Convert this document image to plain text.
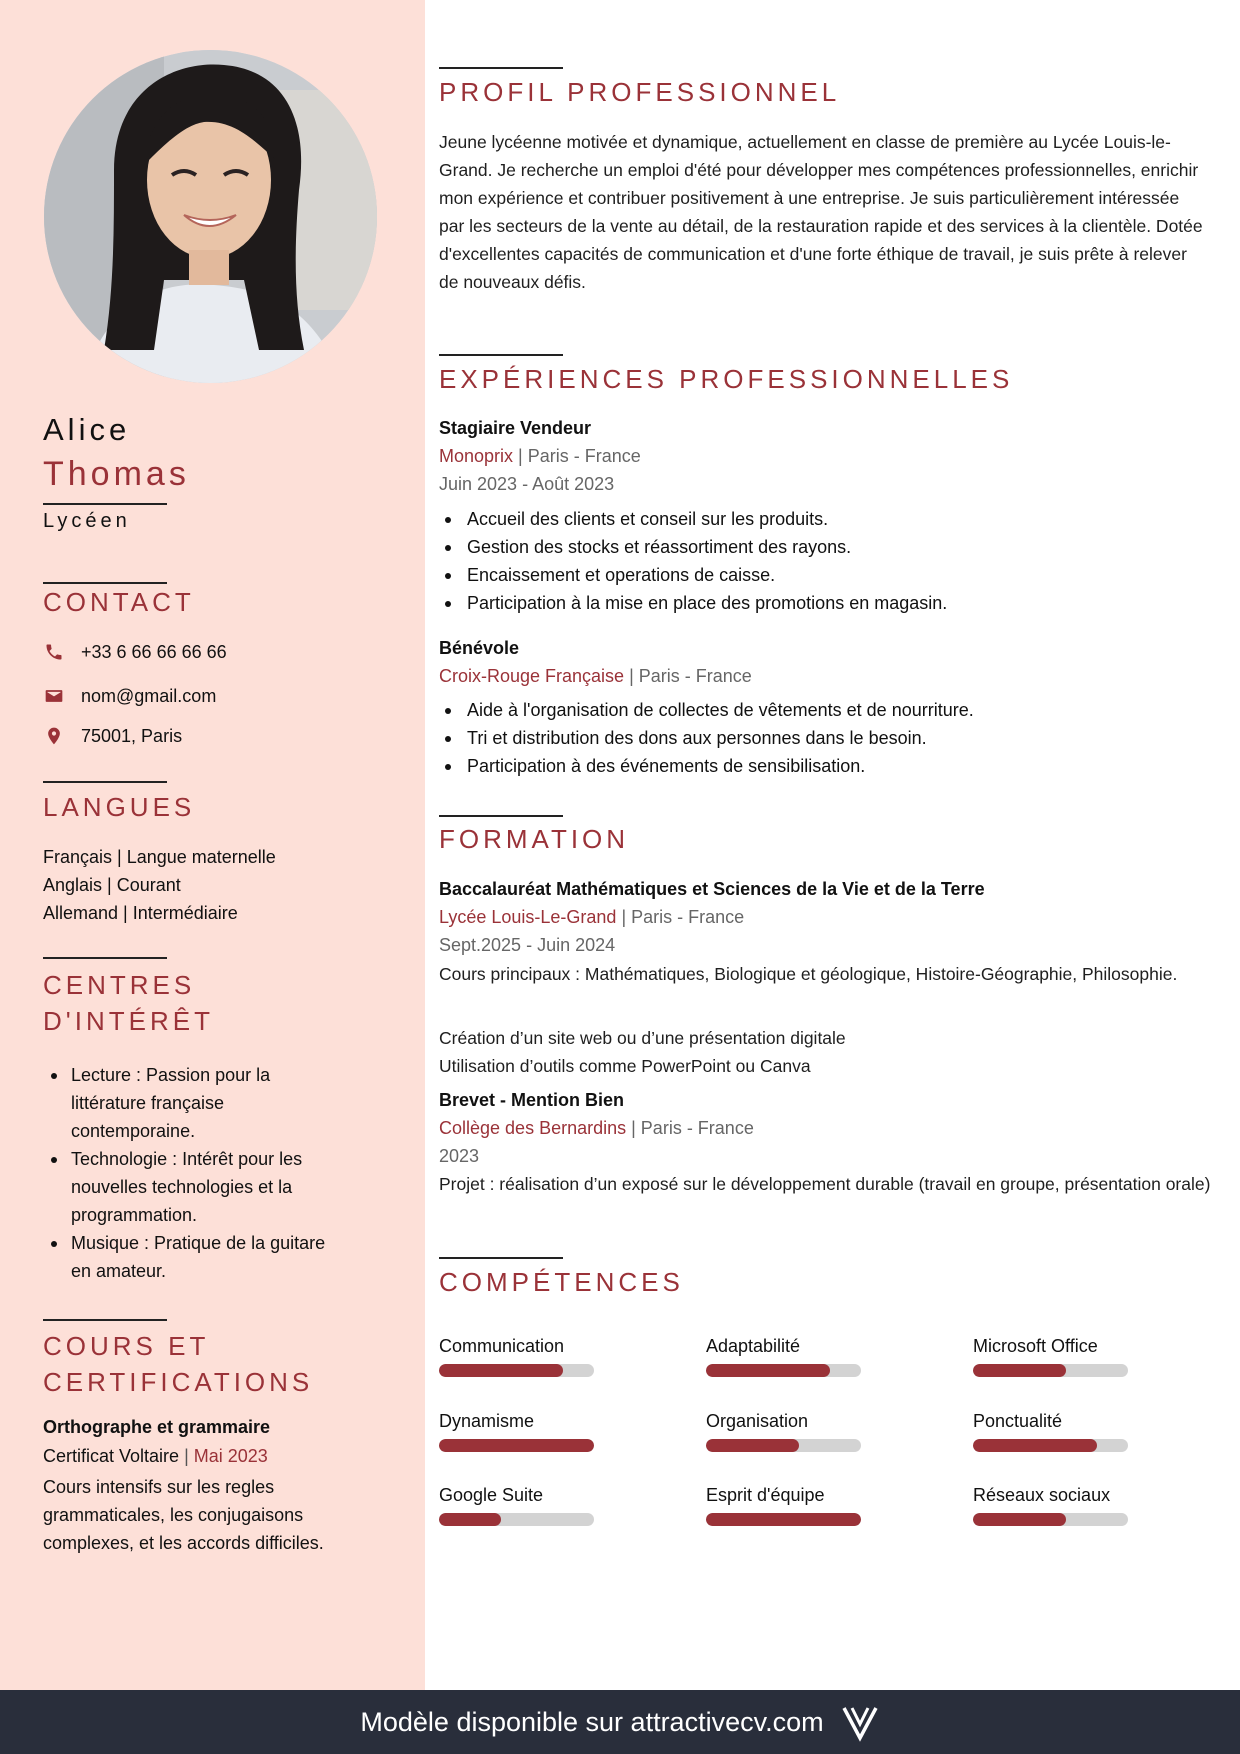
Alice
Thomas
Lycéen
CONTACT
+33 6 66 66 66 66
nom@gmail.com
75001, Paris
LANGUES
Français | Langue maternelle
Anglais | Courant
Allemand | Intermédiaire
CENTRES
D'INTÉRÊT
Lecture : Passion pour la littérature française contemporaine.
Technologie : Intérêt pour les nouvelles technologies et la programmation.
Musique : Pratique de la guitare en amateur.
COURS ET
CERTIFICATIONS
Orthographe et grammaire
Certificat Voltaire | Mai 2023
Cours intensifs sur les regles grammaticales, les conjugaisons complexes, et les accords difficiles.
PROFIL PROFESSIONNEL
Jeune lycéenne motivée et dynamique, actuellement en classe de première au Lycée Louis-le-Grand. Je recherche un emploi d'été pour développer mes compétences professionnelles, enrichir mon expérience et contribuer positivement à une entreprise. Je suis particulièrement intéressée par les secteurs de la vente au détail, de la restauration rapide et des services à la clientèle. Dotée d'excellentes capacités de communication et d'une forte éthique de travail, je suis prête à relever de nouveaux défis.
EXPÉRIENCES PROFESSIONNELLES
Stagiaire Vendeur
Monoprix | Paris - France
Juin 2023 - Août 2023
Accueil des clients et conseil sur les produits.
Gestion des stocks et réassortiment des rayons.
Encaissement et operations de caisse.
Participation à la mise en place des promotions en magasin.
Bénévole
Croix-Rouge Française | Paris - France
Aide à l'organisation de collectes de vêtements et de nourriture.
Tri et distribution des dons aux personnes dans le besoin.
Participation à des événements de sensibilisation.
FORMATION
Baccalauréat Mathématiques et Sciences de la Vie et de la Terre
Lycée Louis-Le-Grand | Paris - France
Sept.2025 - Juin 2024
Cours principaux : Mathématiques, Biologique et géologique, Histoire-Géographie, Philosophie.
Création d’un site web ou d’une présentation digitale
Utilisation d’outils comme PowerPoint ou Canva
Brevet - Mention Bien
Collège des Bernardins | Paris - France
2023
Projet : réalisation d’un exposé sur le développement durable (travail en groupe, présentation orale)
COMPÉTENCES
Communication	Adaptabilité	Microsoft Office
Dynamisme	Organisation	Ponctualité
Google Suite	Esprit d'équipe	Réseaux sociaux
Modèle disponible sur attractivecv.com
